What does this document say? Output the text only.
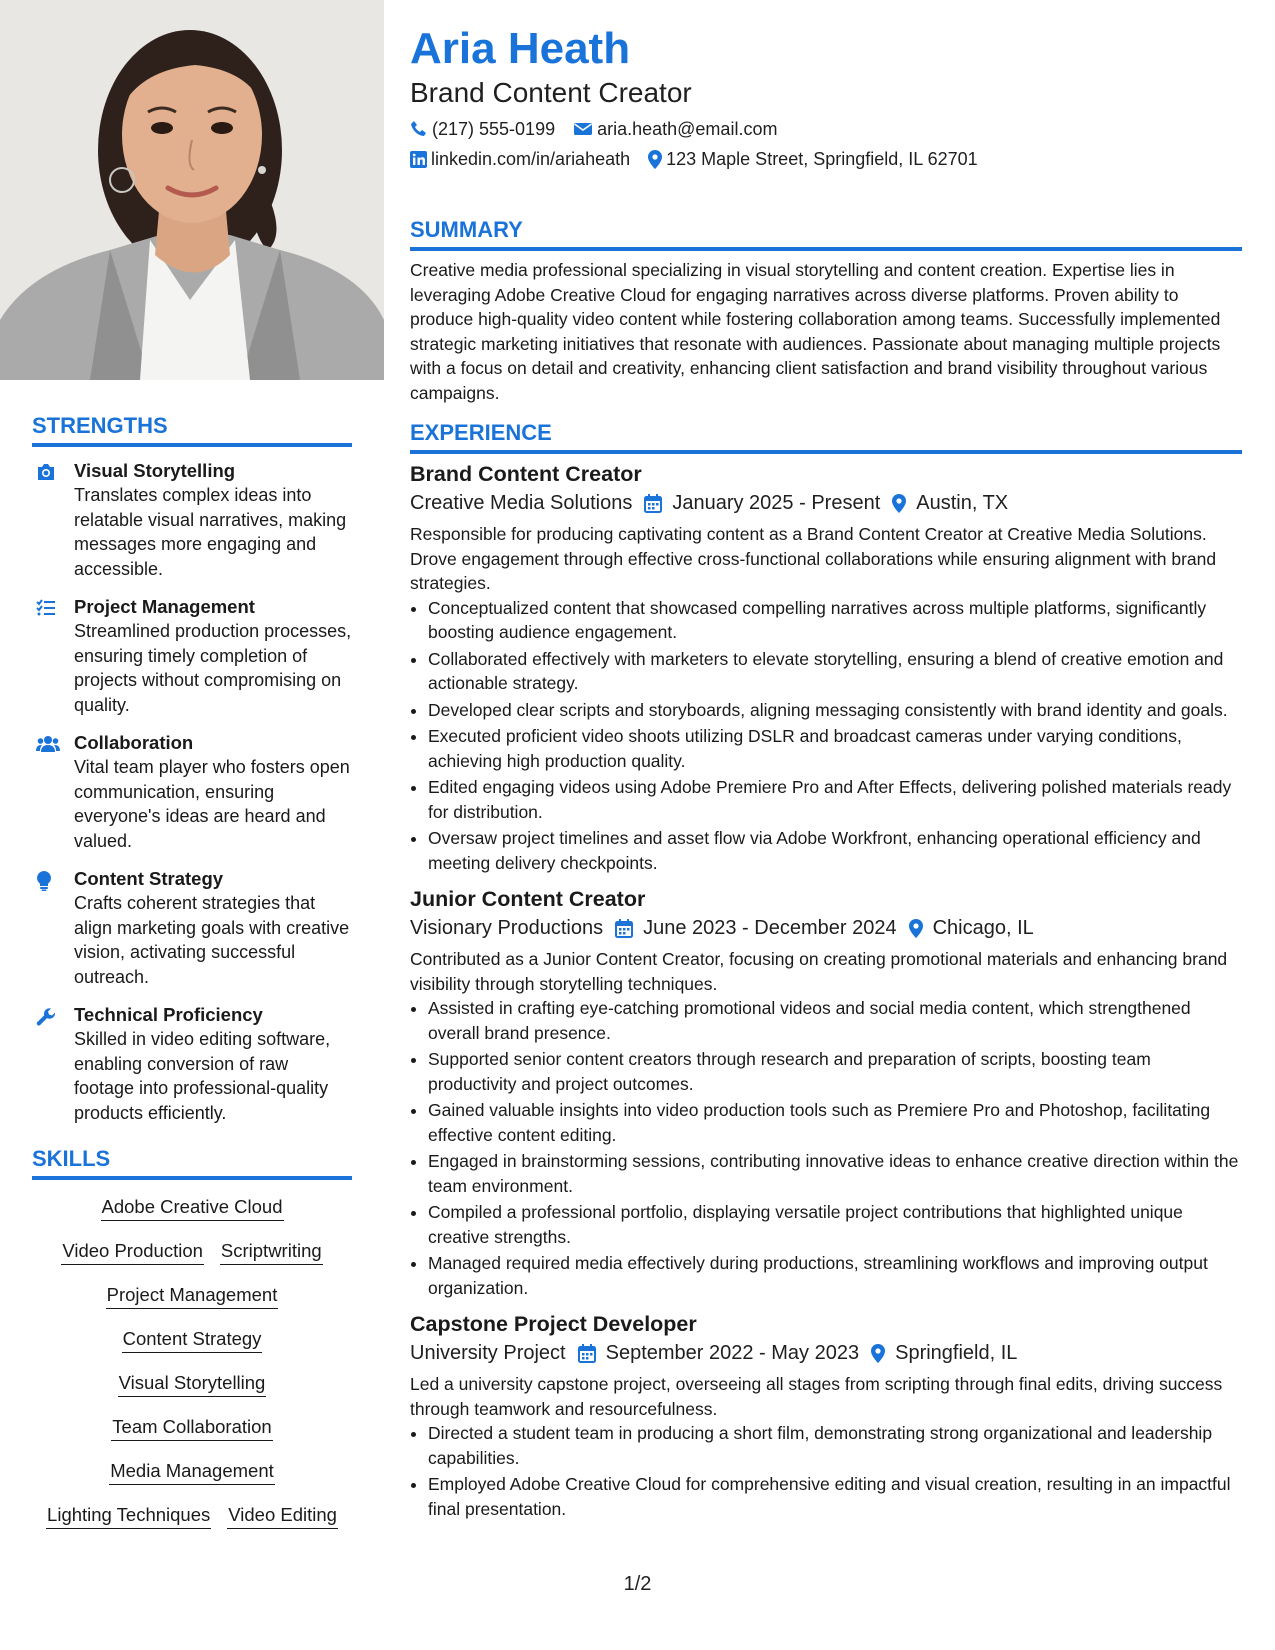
STRENGTHS
Visual Storytelling
Translates complex ideas into relatable visual narratives, making messages more engaging and accessible.
Project Management
Streamlined production processes, ensuring timely completion of projects without compromising on quality.
Collaboration
Vital team player who fosters open communication, ensuring everyone's ideas are heard and valued.
Content Strategy
Crafts coherent strategies that align marketing goals with creative vision, activating successful outreach.
Technical Proficiency
Skilled in video editing software, enabling conversion of raw footage into professional-quality products efficiently.
SKILLS
Adobe Creative Cloud
Video Production Scriptwriting
Project Management
Content Strategy
Visual Storytelling
Team Collaboration
Media Management
Lighting Techniques Video Editing
Aria Heath
Brand Content Creator
(217) 555-0199 aria.heath@email.com
linkedin.com/in/ariaheath 123 Maple Street, Springfield, IL 62701
SUMMARY

Creative media professional specializing in visual storytelling and content creation. Expertise lies in leveraging Adobe Creative Cloud for engaging narratives across diverse platforms. Proven ability to produce high-quality video content while fostering collaboration among teams. Successfully implemented strategic marketing initiatives that resonate with audiences. Passionate about managing multiple projects with a focus on detail and creativity, enhancing client satisfaction and brand visibility throughout various campaigns.

EXPERIENCE
Brand Content Creator
Creative Media Solutions January 2025 - Present Austin, TX

Responsible for producing captivating content as a Brand Content Creator at Creative Media Solutions. Drove engagement through effective cross-functional collaborations while ensuring alignment with brand strategies.

• Conceptualized content that showcased compelling narratives across multiple platforms, significantly boosting audience engagement.
• Collaborated effectively with marketers to elevate storytelling, ensuring a blend of creative emotion and actionable strategy.
• Developed clear scripts and storyboards, aligning messaging consistently with brand identity and goals.
• Executed proficient video shoots utilizing DSLR and broadcast cameras under varying conditions, achieving high production quality.
• Edited engaging videos using Adobe Premiere Pro and After Effects, delivering polished materials ready for distribution.
• Oversaw project timelines and asset flow via Adobe Workfront, enhancing operational efficiency and meeting delivery checkpoints.
Junior Content Creator
Visionary Productions June 2023 - December 2024 Chicago, IL

Contributed as a Junior Content Creator, focusing on creating promotional materials and enhancing brand visibility through storytelling techniques.

• Assisted in crafting eye-catching promotional videos and social media content, which strengthened overall brand presence.
• Supported senior content creators through research and preparation of scripts, boosting team productivity and project outcomes.
• Gained valuable insights into video production tools such as Premiere Pro and Photoshop, facilitating effective content editing.
• Engaged in brainstorming sessions, contributing innovative ideas to enhance creative direction within the team environment.
• Compiled a professional portfolio, displaying versatile project contributions that highlighted unique creative strengths.
• Managed required media effectively during productions, streamlining workflows and improving output organization.
Capstone Project Developer
University Project September 2022 - May 2023 Springfield, IL

Led a university capstone project, overseeing all stages from scripting through final edits, driving success through teamwork and resourcefulness.

• Directed a student team in producing a short film, demonstrating strong organizational and leadership capabilities.
• Employed Adobe Creative Cloud for comprehensive editing and visual creation, resulting in an impactful final presentation.
1/2
